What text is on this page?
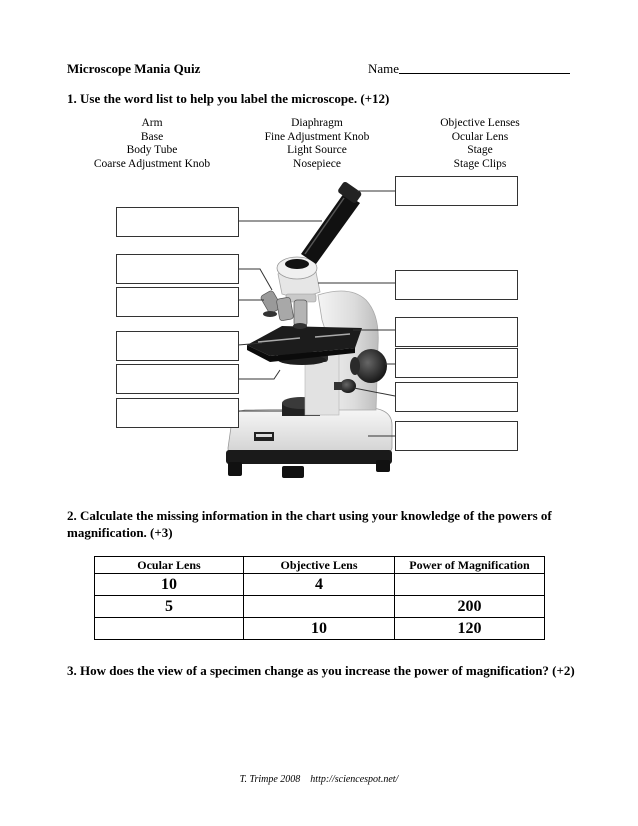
Microscope Mania Quiz	Name
1. Use the word list to help you label the microscope. (+12)
Arm
Base
Body Tube
Coarse Adjustment Knob
Diaphragm
Fine Adjustment Knob
Light Source
Nosepiece
Objective Lenses
Ocular Lens
Stage
Stage Clips
2. Calculate the missing information in the chart using your knowledge of the powers of magnification. (+3)
Ocular Lens	Objective Lens	Power of Magnification
10	4	
5		200
	10	120
3. How does the view of a specimen change as you increase the power of magnification? (+2)
T. Trimpe 2008    http://sciencespot.net/
